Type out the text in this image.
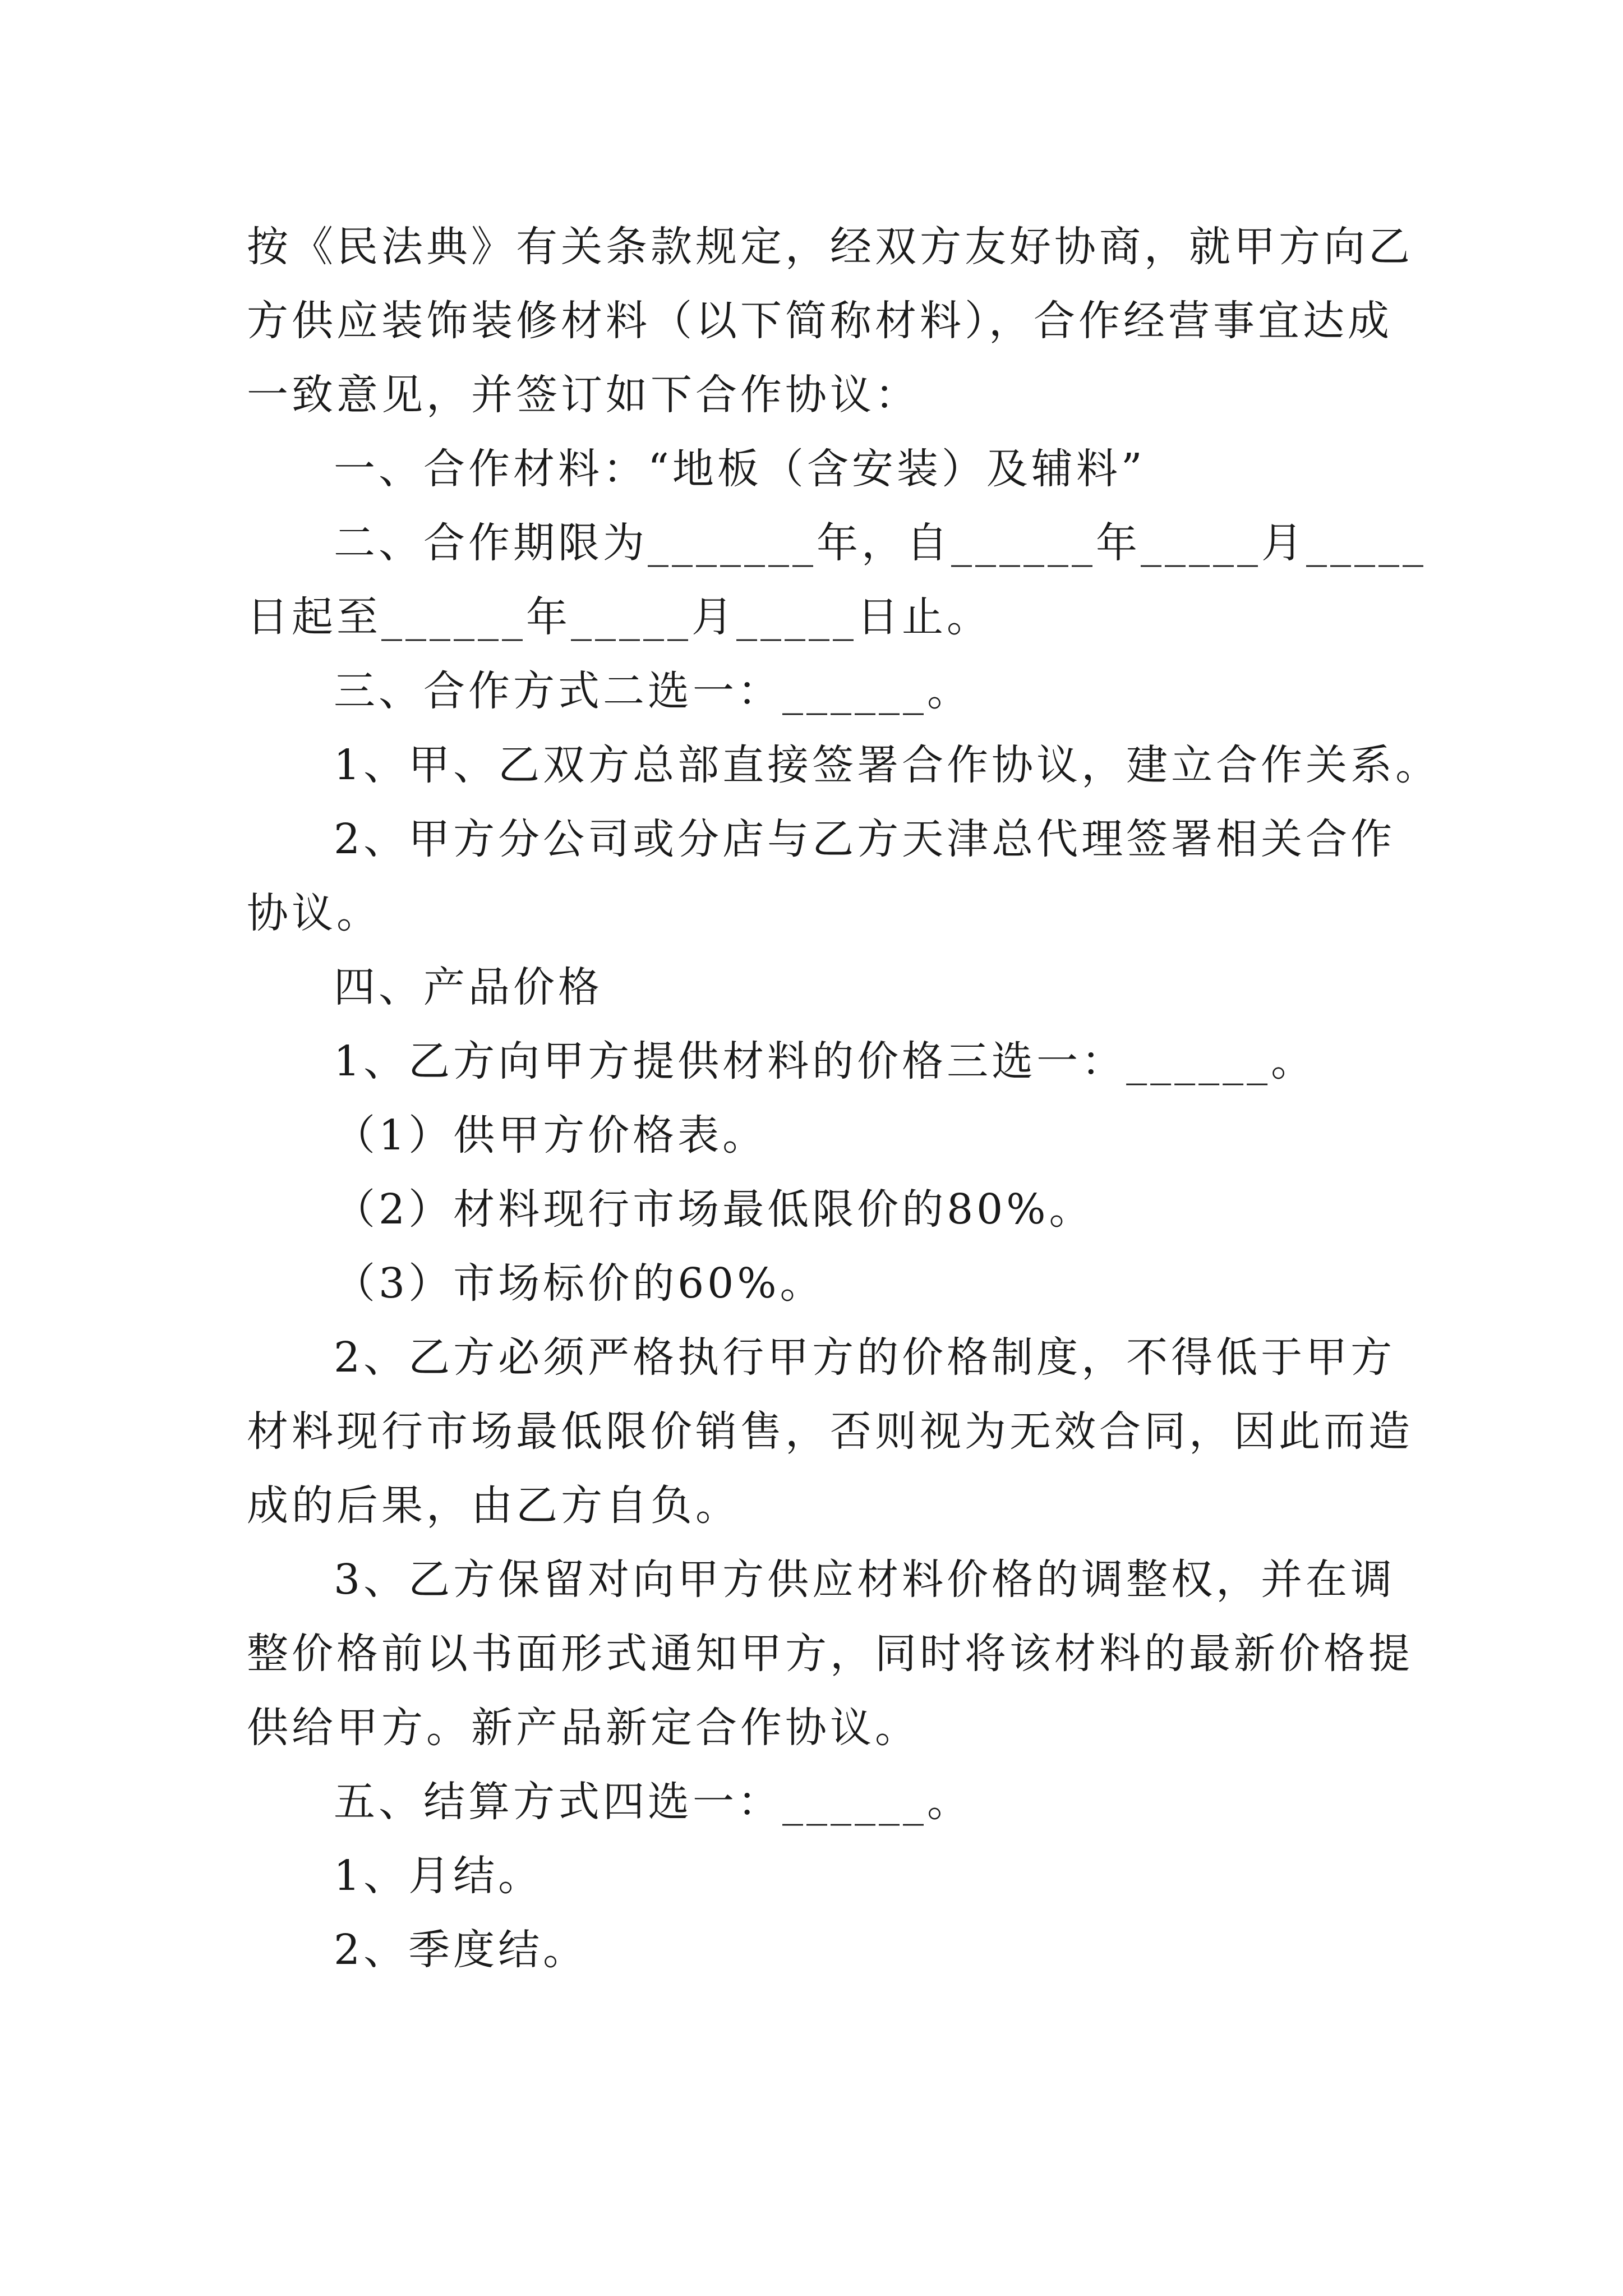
按《民法典》有关条款规定，经双方友好协商，就甲方向乙
方供应装饰装修材料（以下简称材料），合作经营事宜达成
一致意见，并签订如下合作协议：
一、合作材料：“地板（含安装）及辅料”
二、合作期限为_______年，自______年_____月_____
日起至______年_____月_____日止。
三、合作方式二选一：______。
1、甲、乙双方总部直接签署合作协议，建立合作关系。
2、甲方分公司或分店与乙方天津总代理签署相关合作
协议。
四、产品价格
1、乙方向甲方提供材料的价格三选一：______。
（1）供甲方价格表。
（2）材料现行市场最低限价的80%。
（3）市场标价的60%。
2、乙方必须严格执行甲方的价格制度，不得低于甲方
材料现行市场最低限价销售，否则视为无效合同，因此而造
成的后果，由乙方自负。
3、乙方保留对向甲方供应材料价格的调整权，并在调
整价格前以书面形式通知甲方，同时将该材料的最新价格提
供给甲方。新产品新定合作协议。
五、结算方式四选一：______。
1、月结。
2、季度结。
